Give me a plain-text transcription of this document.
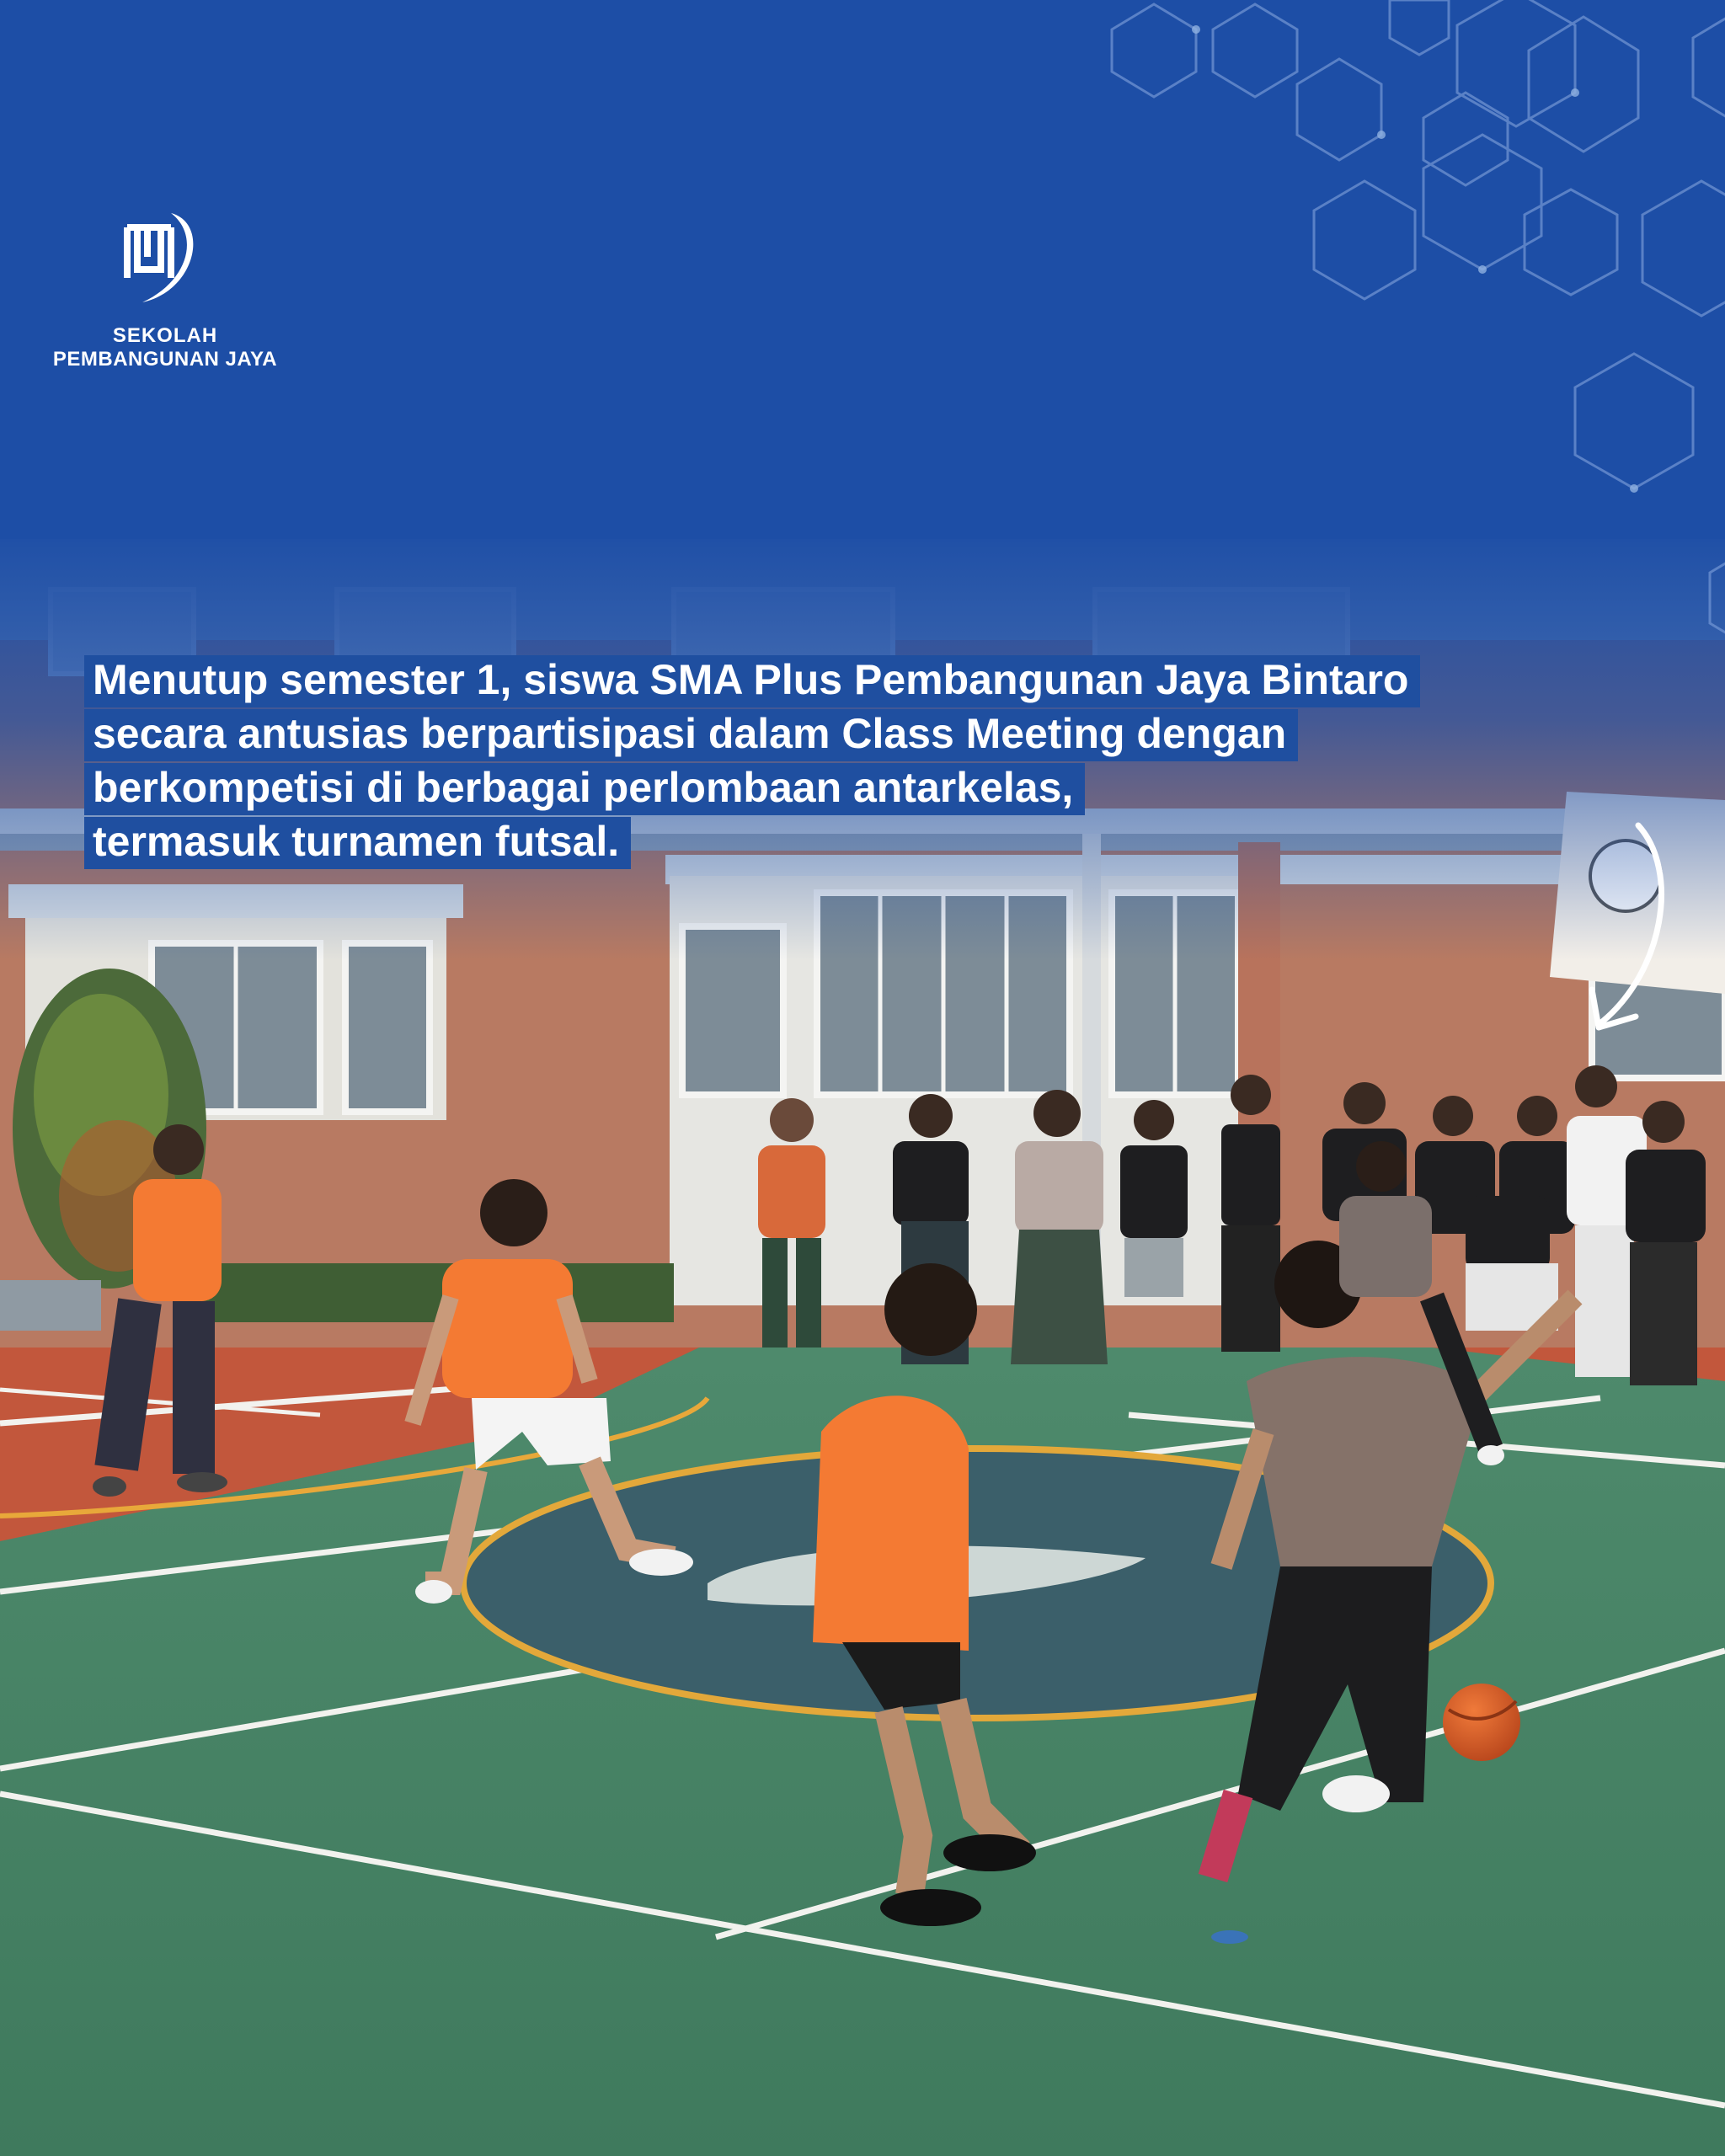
SEKOLAH
PEMBANGUNAN JAYA
Menutup semester 1, siswa SMA Plus Pembangunan Jaya Bintaro
secara antusias berpartisipasi dalam Class Meeting dengan
berkompetisi di berbagai perlombaan antarkelas,
termasuk turnamen futsal.
